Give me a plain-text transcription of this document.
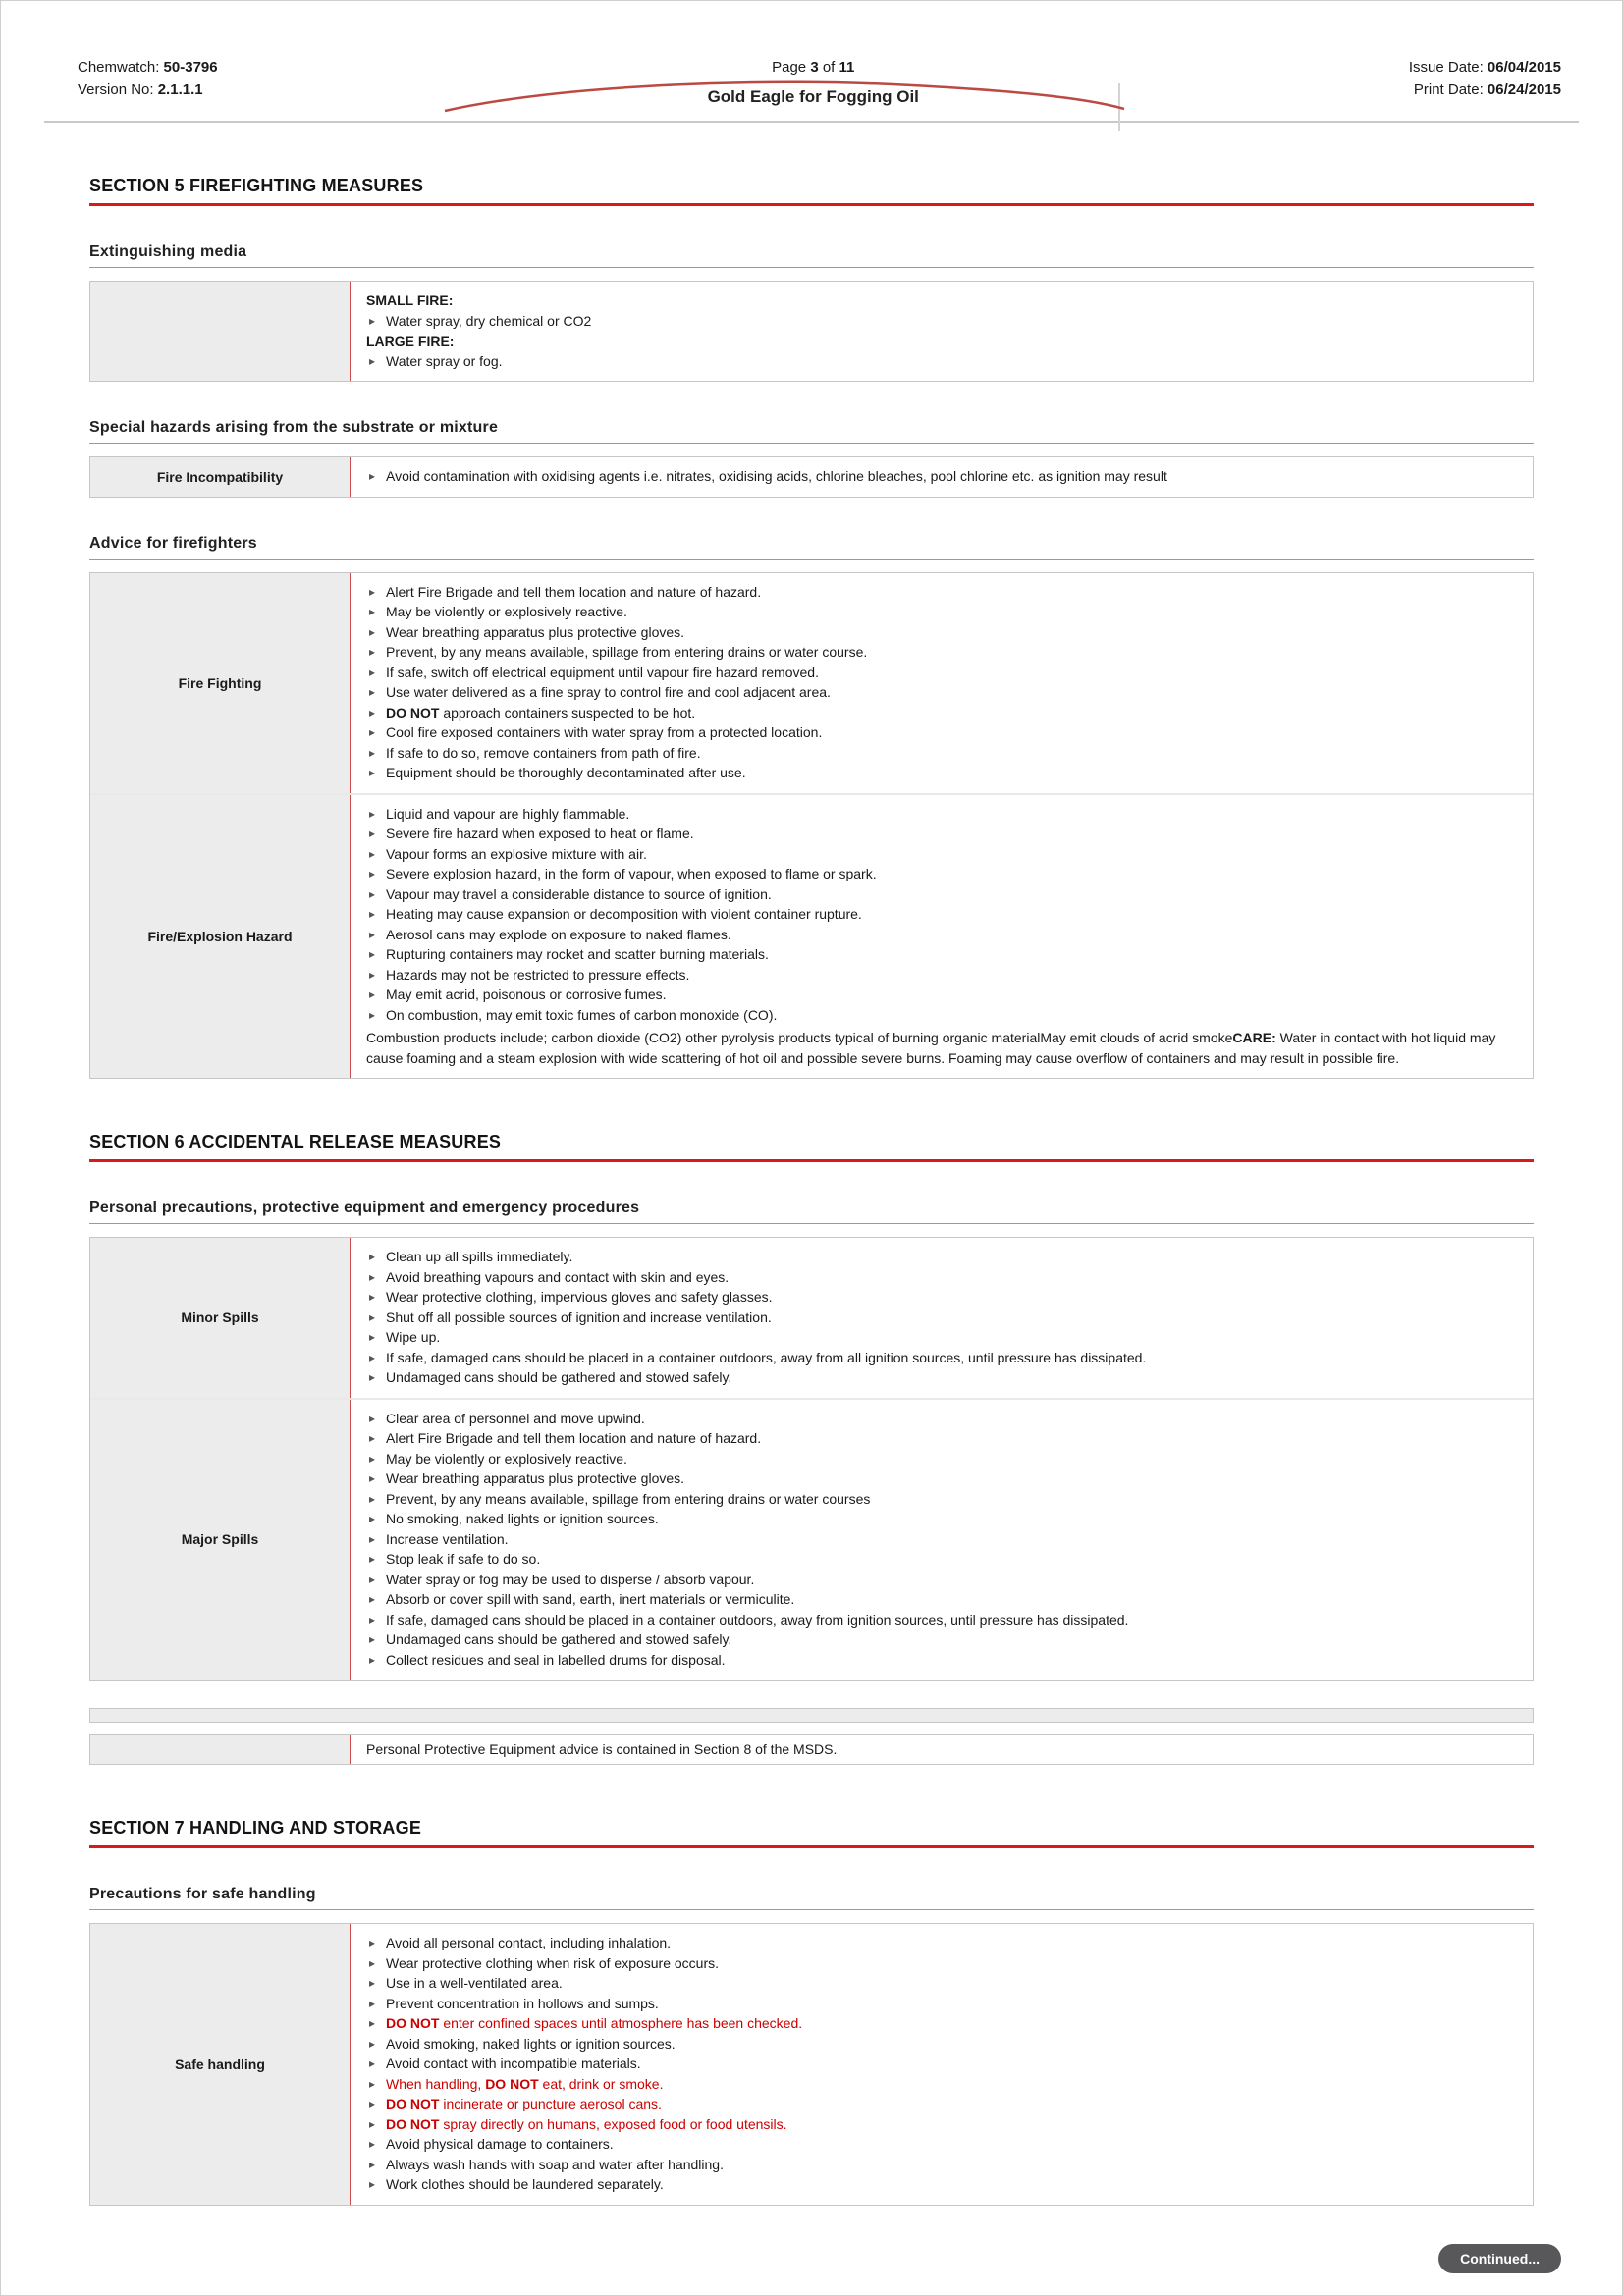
Chemwatch: 50-3796
Version No: 2.1.1.1
Page 3 of 11
Gold Eagle for Fogging Oil
Issue Date: 06/04/2015
Print Date: 06/24/2015
SECTION 5 FIREFIGHTING MEASURES
Extinguishing media
SMALL FIRE:
▸ Water spray, dry chemical or CO2
LARGE FIRE:
▸ Water spray or fog.
Special hazards arising from the substrate or mixture
Fire Incompatibility	▸ Avoid contamination with oxidising agents i.e. nitrates, oxidising acids, chlorine bleaches, pool chlorine etc. as ignition may result
Advice for firefighters
Fire Fighting
▸ Alert Fire Brigade and tell them location and nature of hazard.
▸ May be violently or explosively reactive.
▸ Wear breathing apparatus plus protective gloves.
▸ Prevent, by any means available, spillage from entering drains or water course.
▸ If safe, switch off electrical equipment until vapour fire hazard removed.
▸ Use water delivered as a fine spray to control fire and cool adjacent area.
▸ DO NOT approach containers suspected to be hot.
▸ Cool fire exposed containers with water spray from a protected location.
▸ If safe to do so, remove containers from path of fire.
▸ Equipment should be thoroughly decontaminated after use.
Fire/Explosion Hazard
▸ Liquid and vapour are highly flammable.
▸ Severe fire hazard when exposed to heat or flame.
▸ Vapour forms an explosive mixture with air.
▸ Severe explosion hazard, in the form of vapour, when exposed to flame or spark.
▸ Vapour may travel a considerable distance to source of ignition.
▸ Heating may cause expansion or decomposition with violent container rupture.
▸ Aerosol cans may explode on exposure to naked flames.
▸ Rupturing containers may rocket and scatter burning materials.
▸ Hazards may not be restricted to pressure effects.
▸ May emit acrid, poisonous or corrosive fumes.
▸ On combustion, may emit toxic fumes of carbon monoxide (CO).

Combustion products include; carbon dioxide (CO2) other pyrolysis products typical of burning organic materialMay emit clouds of acrid smokeCARE: Water in contact with hot liquid may cause foaming and a steam explosion with wide scattering of hot oil and possible severe burns. Foaming may cause overflow of containers and may result in possible fire.

SECTION 6 ACCIDENTAL RELEASE MEASURES
Personal precautions, protective equipment and emergency procedures
Minor Spills
▸ Clean up all spills immediately.
▸ Avoid breathing vapours and contact with skin and eyes.
▸ Wear protective clothing, impervious gloves and safety glasses.
▸ Shut off all possible sources of ignition and increase ventilation.
▸ Wipe up.
▸ If safe, damaged cans should be placed in a container outdoors, away from all ignition sources, until pressure has dissipated.
▸ Undamaged cans should be gathered and stowed safely.
Major Spills
▸ Clear area of personnel and move upwind.
▸ Alert Fire Brigade and tell them location and nature of hazard.
▸ May be violently or explosively reactive.
▸ Wear breathing apparatus plus protective gloves.
▸ Prevent, by any means available, spillage from entering drains or water courses
▸ No smoking, naked lights or ignition sources.
▸ Increase ventilation.
▸ Stop leak if safe to do so.
▸ Water spray or fog may be used to disperse / absorb vapour.
▸ Absorb or cover spill with sand, earth, inert materials or vermiculite.
▸ If safe, damaged cans should be placed in a container outdoors, away from ignition sources, until pressure has dissipated.
▸ Undamaged cans should be gathered and stowed safely.
▸ Collect residues and seal in labelled drums for disposal.
Personal Protective Equipment advice is contained in Section 8 of the MSDS.
SECTION 7 HANDLING AND STORAGE
Precautions for safe handling
Safe handling
▸ Avoid all personal contact, including inhalation.
▸ Wear protective clothing when risk of exposure occurs.
▸ Use in a well-ventilated area.
▸ Prevent concentration in hollows and sumps.
▸ DO NOT enter confined spaces until atmosphere has been checked.
▸ Avoid smoking, naked lights or ignition sources.
▸ Avoid contact with incompatible materials.
▸ When handling, DO NOT eat, drink or smoke.
▸ DO NOT incinerate or puncture aerosol cans.
▸ DO NOT spray directly on humans, exposed food or food utensils.
▸ Avoid physical damage to containers.
▸ Always wash hands with soap and water after handling.
▸ Work clothes should be laundered separately.
Continued...
